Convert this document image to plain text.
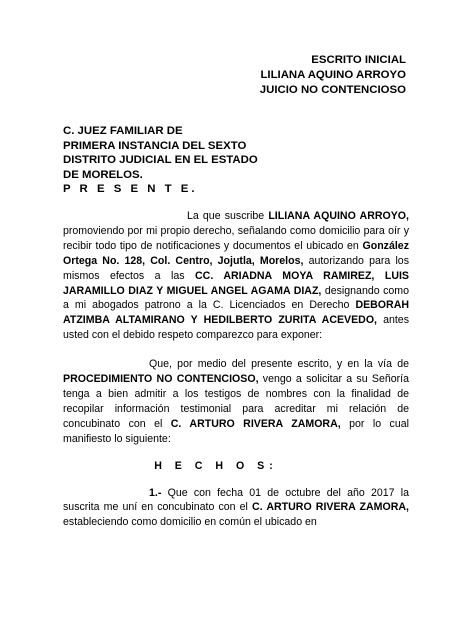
ESCRITO INICIAL
LILIANA AQUINO ARROYO
JUICIO NO CONTENCIOSO
C. JUEZ FAMILIAR DE
PRIMERA INSTANCIA DEL SEXTO
DISTRITO JUDICIAL EN EL ESTADO
DE MORELOS.
P R E S E N T E.

La que suscribe LILIANA AQUINO ARROYO, promoviendo por mi propio derecho, señalando como domicilio para oír y recibir todo tipo de notificaciones y documentos el ubicado en González Ortega No. 128, Col. Centro, Jojutla, Morelos, autorizando para los mismos efectos a las CC. ARIADNA MOYA RAMIREZ, LUIS JARAMILLO DIAZ Y MIGUEL ANGEL AGAMA DIAZ, designando como a mi abogados patrono a la C. Licenciados en Derecho DEBORAH ATZIMBA ALTAMIRANO Y HEDILBERTO ZURITA ACEVEDO, antes usted con el debido respeto comparezco para exponer:

Que, por medio del presente escrito, y en la vía de PROCEDIMIENTO NO CONTENCIOSO, vengo a solicitar a su Señoría tenga a bien admitir a los testigos de nombres con la finalidad de recopilar información testimonial para acreditar mi relación de concubinato con el C. ARTURO RIVERA ZAMORA, por lo cual manifiesto lo siguiente:

H E C H O S:

1.- Que con fecha 01 de octubre del año 2017 la suscrita me uní en concubinato con el C. ARTURO RIVERA ZAMORA, estableciendo como domicilio en común el ubicado en
